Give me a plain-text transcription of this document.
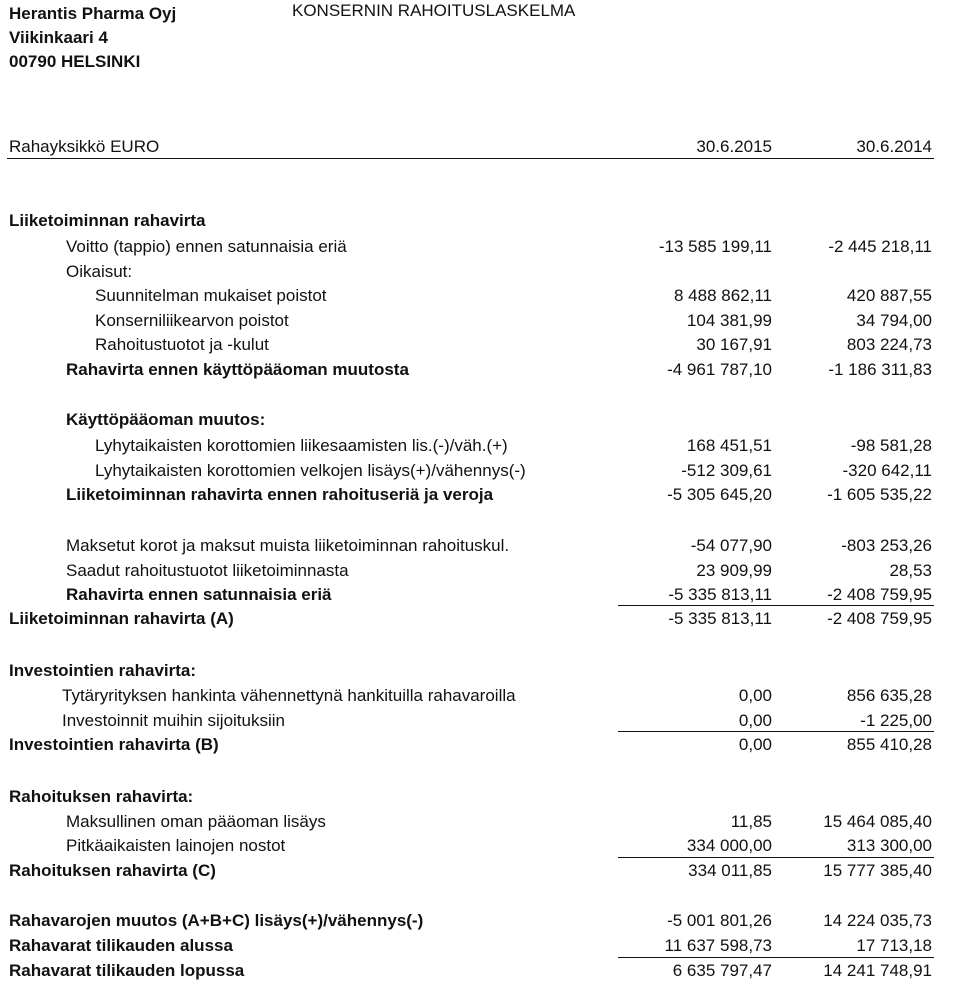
Herantis Pharma Oyj
Viikinkaari 4
00790 HELSINKI
KONSERNIN RAHOITUSLASKELMA
Rahayksikkö EURO	30.6.2015	30.6.2014
Liiketoiminnan rahavirta
Voitto (tappio) ennen satunnaisia eriä	-13 585 199,11	-2 445 218,11
Oikaisut:
Suunnitelman mukaiset poistot	8 488 862,11	420 887,55
Konserniliikearvon poistot	104 381,99	34 794,00
Rahoitustuotot ja -kulut	30 167,91	803 224,73
Rahavirta ennen käyttöpääoman muutosta	-4 961 787,10	-1 186 311,83
Käyttöpääoman muutos:
Lyhytaikaisten korottomien liikesaamisten lis.(-)/väh.(+)	168 451,51	-98 581,28
Lyhytaikaisten korottomien velkojen lisäys(+)/vähennys(-)	-512 309,61	-320 642,11
Liiketoiminnan rahavirta ennen rahoituseriä ja veroja	-5 305 645,20	-1 605 535,22
Maksetut korot ja maksut muista liiketoiminnan rahoituskul.	-54 077,90	-803 253,26
Saadut rahoitustuotot liiketoiminnasta	23 909,99	28,53
Rahavirta ennen satunnaisia eriä	-5 335 813,11	-2 408 759,95
Liiketoiminnan rahavirta (A)	-5 335 813,11	-2 408 759,95
Investointien rahavirta:
Tytäryrityksen hankinta vähennettynä hankituilla rahavaroilla	0,00	856 635,28
Investoinnit muihin sijoituksiin	0,00	-1 225,00
Investointien rahavirta (B)	0,00	855 410,28
Rahoituksen rahavirta:
Maksullinen oman pääoman lisäys	11,85	15 464 085,40
Pitkäaikaisten lainojen nostot	334 000,00	313 300,00
Rahoituksen rahavirta (C)	334 011,85	15 777 385,40
Rahavarojen muutos (A+B+C) lisäys(+)/vähennys(-)	-5 001 801,26	14 224 035,73
Rahavarat tilikauden alussa	11 637 598,73	17 713,18
Rahavarat tilikauden lopussa	6 635 797,47	14 241 748,91
